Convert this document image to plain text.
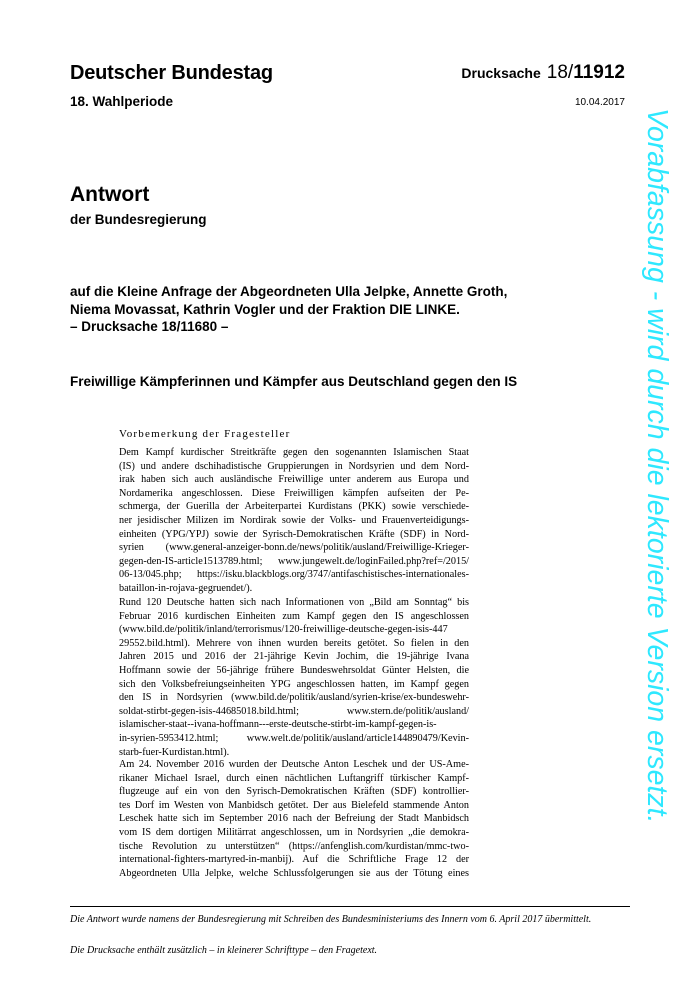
Deutscher Bundestag	Drucksache 18/11912
18. Wahlperiode	10.04.2017
Antwort
der Bundesregierung
auf die Kleine Anfrage der Abgeordneten Ulla Jelpke, Annette Groth,
Niema Movassat, Kathrin Vogler und der Fraktion DIE LINKE.
– Drucksache 18/11680 –
Freiwillige Kämpferinnen und Kämpfer aus Deutschland gegen den IS
Vorbemerkung der Fragesteller
Dem Kampf kurdischer Streitkräfte gegen den sogenannten Islamischen Staat
(IS) und andere dschihadistische Gruppierungen in Nordsyrien und dem Nord-
irak haben sich auch ausländische Freiwillige unter anderem aus Europa und
Nordamerika angeschlossen. Diese Freiwilligen kämpfen aufseiten der Pe-
schmerga, der Guerilla der Arbeiterpartei Kurdistans (PKK) sowie verschiede-
ner jesidischer Milizen im Nordirak sowie der Volks- und Frauenverteidigungs-
einheiten (YPG/YPJ) sowie der Syrisch-Demokratischen Kräfte (SDF) in Nord-
syrien (www.general-anzeiger-bonn.de/news/politik/ausland/Freiwillige-Krieger-
gegen-den-IS-article1513789.html; www.jungewelt.de/loginFailed.php?ref=/2015/
06-13/045.php; https://isku.blackblogs.org/3747/antifaschistisches-internationales-
bataillon-in-rojava-gegruendet/).
Rund 120 Deutsche hatten sich nach Informationen von „Bild am Sonntag“ bis
Februar 2016 kurdischen Einheiten zum Kampf gegen den IS angeschlossen
(www.bild.de/politik/inland/terrorismus/120-freiwillige-deutsche-gegen-isis-447
29552.bild.html). Mehrere von ihnen wurden bereits getötet. So fielen in den
Jahren 2015 und 2016 der 21-jährige Kevin Jochim, die 19-jährige Ivana
Hoffmann sowie der 56-jährige frühere Bundeswehrsoldat Günter Helsten, die
sich den Volksbefreiungseinheiten YPG angeschlossen hatten, im Kampf gegen
den IS in Nordsyrien (www.bild.de/politik/ausland/syrien-krise/ex-bundeswehr-
soldat-stirbt-gegen-isis-44685018.bild.html; www.stern.de/politik/ausland/
islamischer-staat--ivana-hoffmann---erste-deutsche-stirbt-im-kampf-gegen-is-
in-syrien-5953412.html; www.welt.de/politik/ausland/article144890479/Kevin-
starb-fuer-Kurdistan.html).
Am 24. November 2016 wurden der Deutsche Anton Leschek und der US-Ame-
rikaner Michael Israel, durch einen nächtlichen Luftangriff türkischer Kampf-
flugzeuge auf ein von den Syrisch-Demokratischen Kräften (SDF) kontrollier-
tes Dorf im Westen von Manbidsch getötet. Der aus Bielefeld stammende Anton
Leschek hatte sich im September 2016 nach der Befreiung der Stadt Manbidsch
vom IS dem dortigen Militärrat angeschlossen, um in Nordsyrien „die demokra-
tische Revolution zu unterstützen“ (https://anfenglish.com/kurdistan/mmc-two-
international-fighters-martyred-in-manbij). Auf die Schriftliche Frage 12 der
Abgeordneten Ulla Jelpke, welche Schlussfolgerungen sie aus der Tötung eines
Vorabfassung - wird durch die lektorierte Version ersetzt.
Die Antwort wurde namens der Bundesregierung mit Schreiben des Bundesministeriums des Innern vom 6. April 2017 übermittelt.
Die Drucksache enthält zusätzlich – in kleinerer Schrifttype – den Fragetext.
